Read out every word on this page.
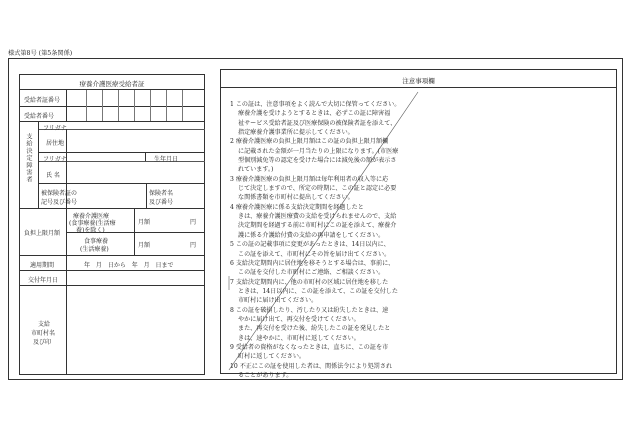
様式第8号 (第5条関係)
療養介護医療受給者証
受給者証番号
受給者番号
フリガナ
居住地
支給決定障害者 フリガナ
氏 名
生年月日
被保険者証の
記号及び番号
保険者名
及び番号
負担上限月額
療養介護医療
(食事療養(生活療
養)を除く)
月額	円
食事療養
(生活療養)
月額	円
適用期間	年 月 日から 年 月 日まで
交付年月日
支給
市町村名
及び印
注意事項欄
1 この証は、注意事項をよく読んで大切に保管ってください。
療養介護を受けようとするときは、必ずこの証に障害福
祉サービス受給者証及び医療保険の被保険者証を添えて、
指定療養介護事業所に提示してください。
2 療養介護医療の負担上限月額はこの証の負担上限月額欄
に記載された金額が一月当たりの上限になります。(市医療
型個別減免等の認定を受けた場合には減免後の額が表示さ
れています。)
3 療養介護医療の負担上限月額は毎年利用者の収入等に応
じて決定しますので、所定の時期に、この証と認定に必要
な関係書類を市町村に提出してください。
4 療養介護医療に係る支給決定期間を経過したと
きは、療養介護医療費の支給を受けられませんので、支給
決定期間を経過する前に市町村にこの証を添えて、療養介
護に係る介護給付費の支給の再申請をしてください。
5 この証の記載事項に変更があったときは、14日以内に、
この証を添えて、市町村にその旨を届け出てください。
6 支給決定期間内に居住地を移そうとする場合は、事前に、
この証を交付した市町村にご連絡、ご相談ください。
7 支給決定期間内に、他の市町村の区域に居住地を移した
ときは、14日以内に、この証を添えて、この証を交付した
市町村に届け出てください。
8 この証を破損したり、汚したり又は紛失したときは、速
やかに届け出て、再交付を受けてください。
また、再交付を受けた後、紛失したこの証を発見したと
きは、速やかに、市町村に返してください。
9 受給者の資格がなくなったときは、直ちに、この証を市
町村に返してください。
10 不正にこの証を使用した者は、関係法令により処罰され
ることがあります。
